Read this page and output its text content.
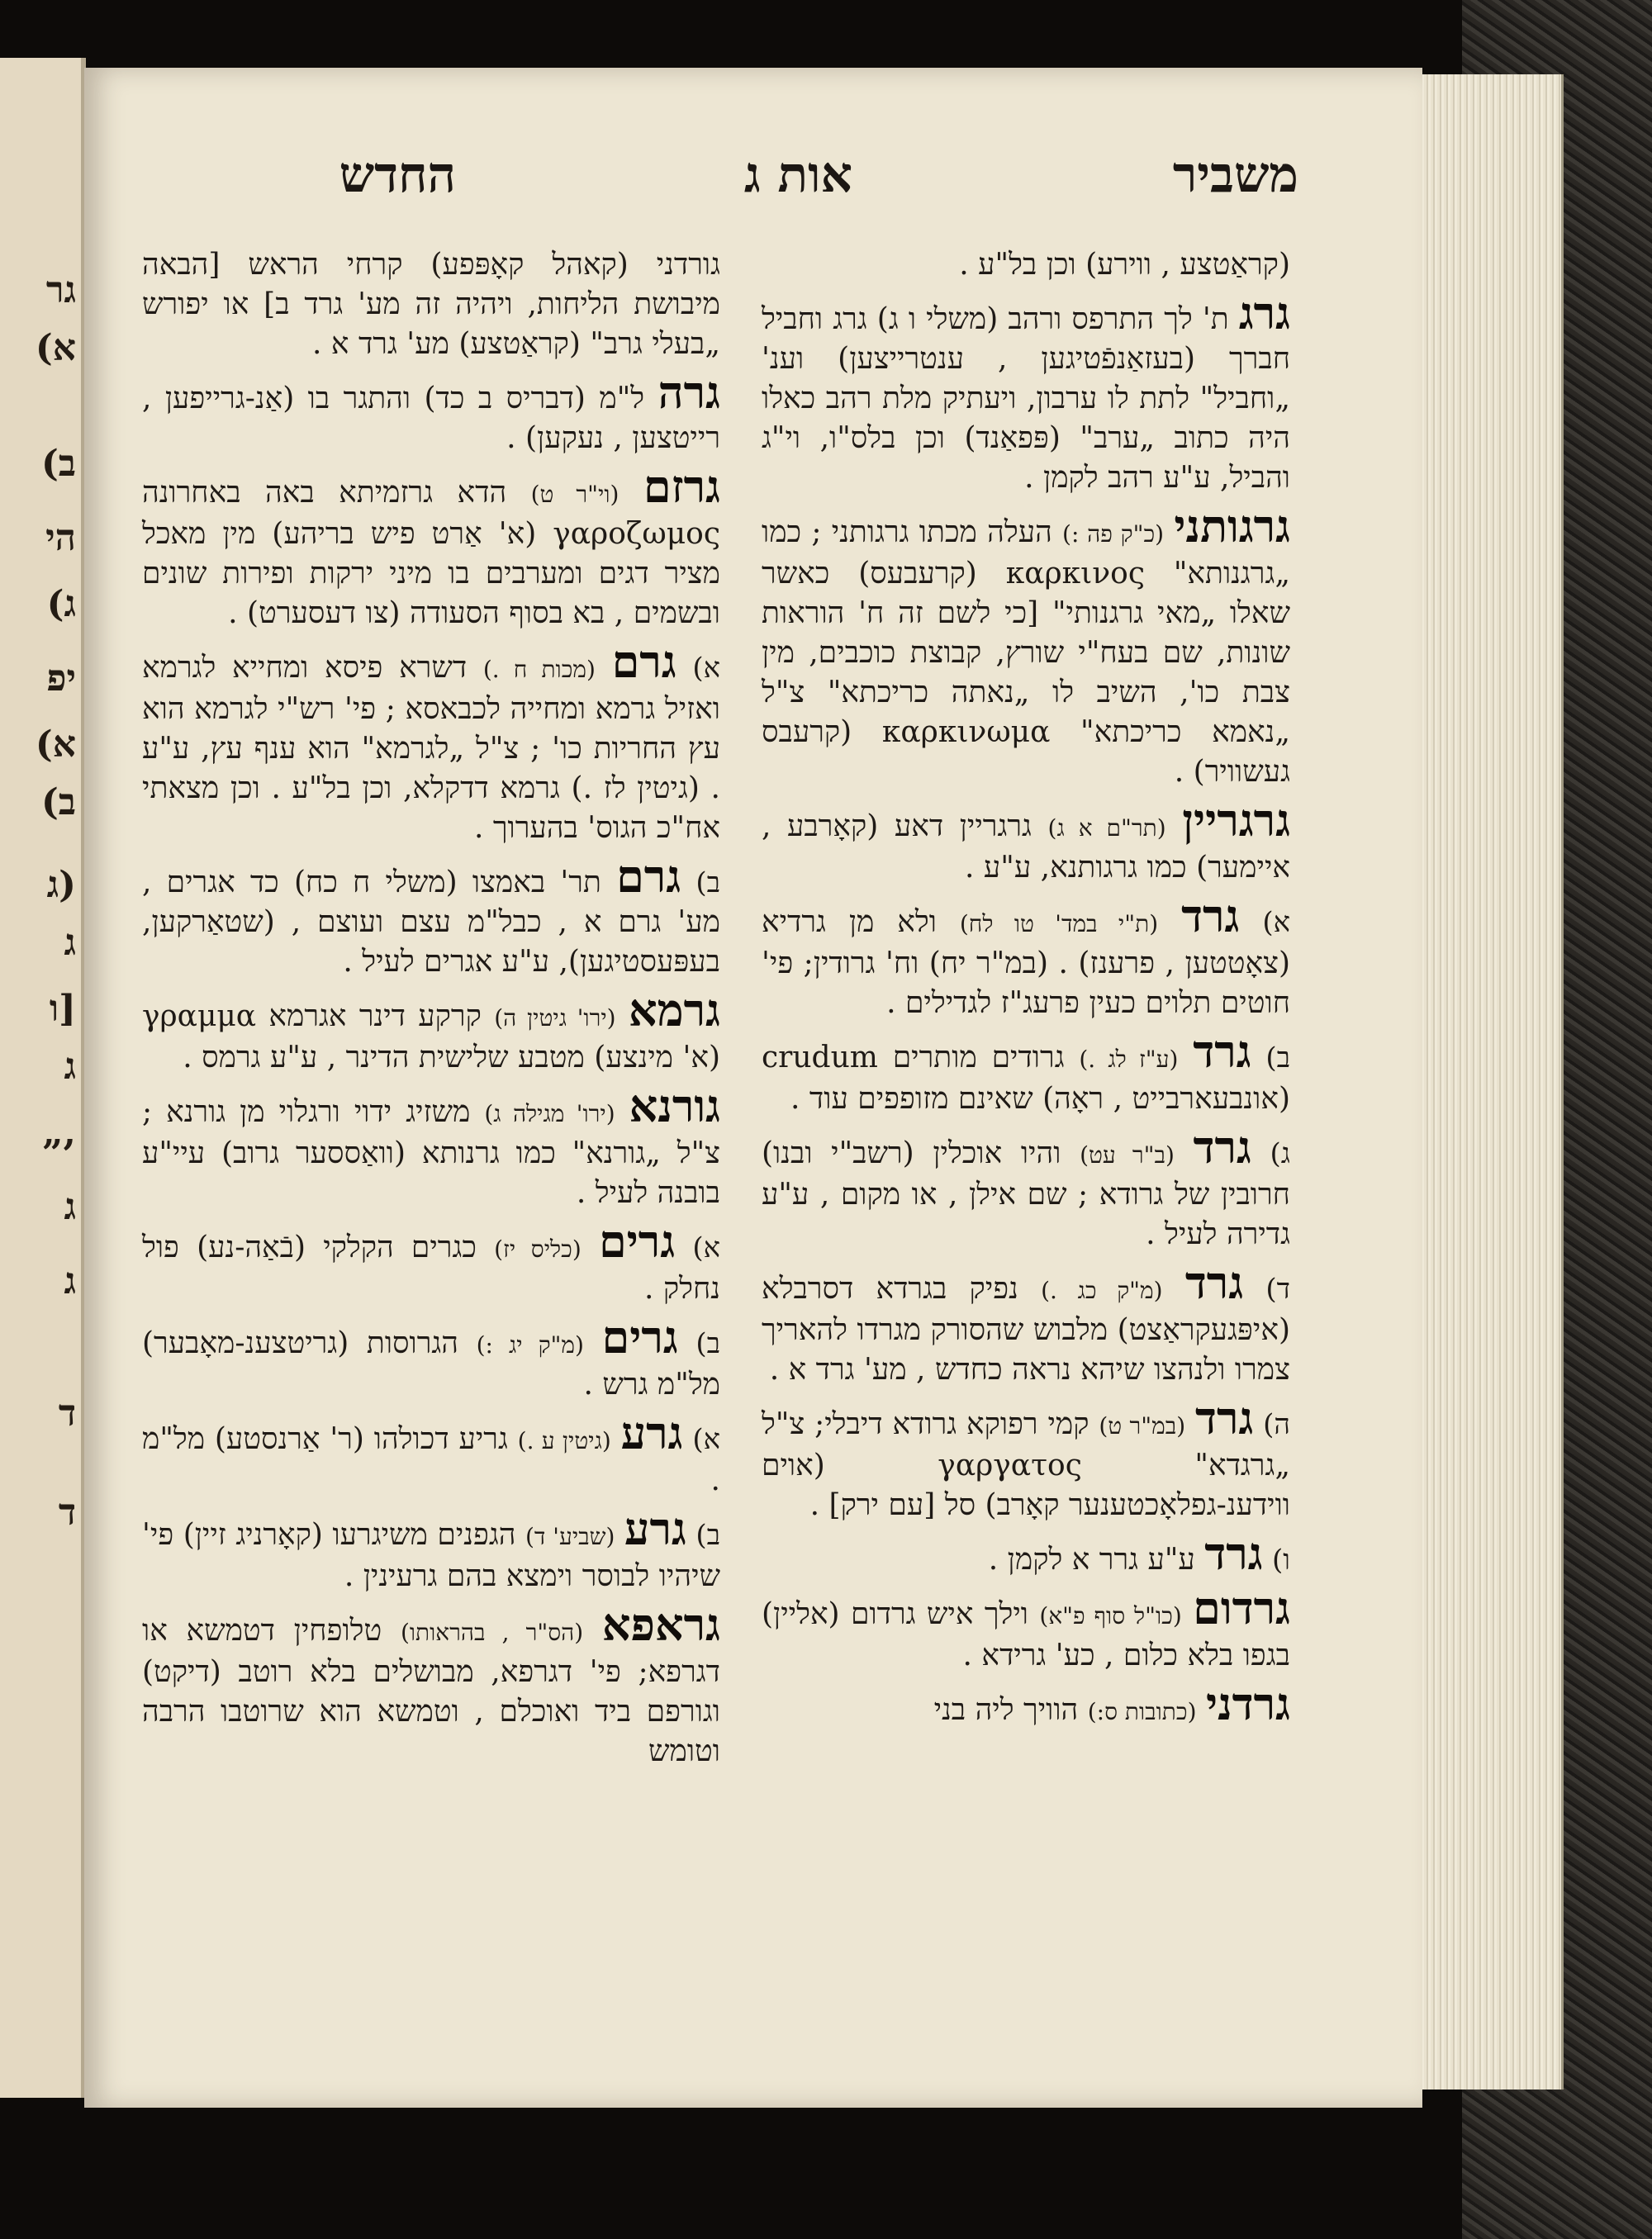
גר
א)
ב)
הי
ג)
יפ
א)
ב)
(ג
ג
[ו
ג
,„
ג
ג
ד
ד
משביר
אות ג
החדש

(קראַטצע , ווירע) וכן בל"ע .

גרג ת' לך התרפס ורהב (משלי ו ג) גרג וחביל חברך (בעזאַנפֿטיגען , ענטרייצען) וענ' „וחביל" לתת לו ערבון, ויעתיק מלת רהב כאלו היה כתוב „ערב" (פּפאַנד) וכן בלס"ו, וי"ג והביל, ע"ע רהב לקמן .

גרגותני (כ"ק פה :) העלה מכתו גרגותני ; כמו „גרגנותא" καρκινος (קרעבעס) כאשר שאלו „מאי גרגנותי" [כי לשם זה ח' הוראות שונות, שם בעח"י שורץ, קבוצת כוכבים, מין צבת כו', השיב לו „נאתה כריכתא" צ"ל „נאמא כריכתא" καρκινωμα (קרעבס געשוויר) .

גרגריין (תר"ם א ג) גרגריין דאע (קאָרבע , איימער) כמו גרגותנא, ע"ע .

א) גרד (ת"י במד' טו לח) ולא מן גרדיא (צאָטטען , פרענז) . (במ"ר יח) וח' גרודין; פי' חוטים תלוים כעין פרעג"ז לגדילים .

ב) גרד (ע"ז לג .) גרודים מותרים crudum (אונבעארבייט , ראָה) שאינם מזופפים עוד .

ג) גרד (ב"ר עט) והיו אוכלין (רשב"י ובנו) חרובין של גרודא ; שם אילן , או מקום , ע"ע גדירה לעיל .

ד) גרד (מ"ק כג .) נפיק בגרדא דסרבלא (איפּגעקראַצט) מלבוש שהסורק מגרדו להאריך צמרו ולנהצו שיהא נראה כחדש , מע' גרד א .

ה) גרד (במ"ר ט) קמי רפוקא גרודא דיבלי; צ"ל „גרגדא" γαργατος (אוים ווידענ-גפלאָכטענער קאָרב) סל [עם ירק] .

ו) גרד ע"ע גרר א לקמן .

גרדום (כו"ל סוף פ"א) וילך איש גרדום (אליין) בגפו בלא כלום , כע' גרידא .

גרדני (כתובות ס:) הוויך ליה בני

גורדני (קאהל קאָפּפע) קרחי הראש [הבאה מיבושת הליחות, ויהיה זה מע' גרד ב] או יפורש „בעלי גרב" (קראַטצע) מע' גרד א .

גרה ל"מ (דבריס ב כד) והתגר בו (אַנ-גרייפען , רייטצען , נעקען) .

גרזם (וי"ר ט) הדא גרזמיתא באה באחרונה γαροζωμος (א' אַרט פיש בריהע) מין מאכל מציר דגים ומערבים בו מיני ירקות ופירות שונים ובשמים , בא בסוף הסעודה (צו דעסערט) .

א) גרם (מכות ח .) דשרא פיסא ומחייא לגרמא ואזיל גרמא ומחייה לכבאסא ; פי' רש"י לגרמא הוא עץ החריות כו' ; צ"ל „לגרמא" הוא ענף עץ, ע"ע . (גיטין לז .) גרמא דדקלא, וכן בל"ע . וכן מצאתי אח"כ הגוס' בהערוך .

ב) גרם תר' באמצו (משלי ח כח) כד אגרים , מע' גרם א , כבל"מ עצם ועוצם , (שטאַרקען, בעפּעסטיגען), ע"ע אגרים לעיל .

גרמא (ירו' גיטין ה) קרקע דינר אגרמא γραμμα (א' מינצע) מטבע שלישית הדינר , ע"ע גרמס .

גורנא (ירו' מגילה ג) משזיג ידוי ורגלוי מן גורנא ; צ"ל „גורנא" כמו גרנותא (וואַססער גרוב) עיי"ע בובנה לעיל .

א) גרים (כליס יז) כגרים הקלקי (בֿאַה-נע) פול נחלק .

ב) גרים (מ"ק יג :) הגרוסות (גריטצענ-מאָבער) מל"מ גרש .

א) גרע (גיטין ע .) גריע דכולהו (ר' אַרנסטע) מל"מ .

ב) גרע (שביע' ד) הגפנים משיגרעו (קאָרניג זיין) פי' שיהיו לבוסר וימצא בהם גרעינין .

גראפא (הס"ר , בהראותו) טלופחין דטמשא או דגרפא; פי' דגרפא, מבושלים בלא רוטב (דיקט) וגורפם ביד ואוכלם , וטמשא הוא שרוטבו הרבה וטומש
